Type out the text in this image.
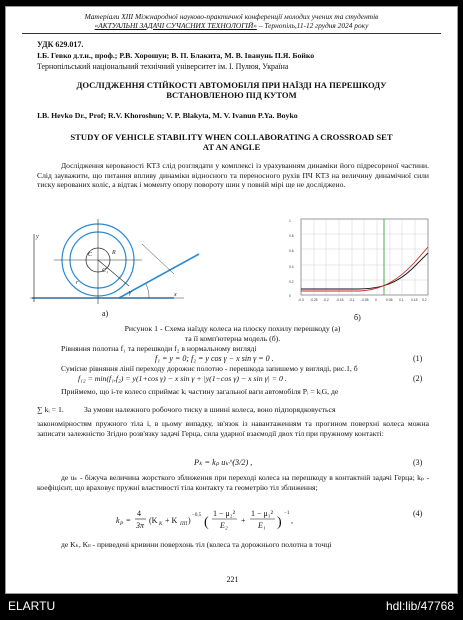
Матеріали XIII Міжнародної науково-практичної конференції молодих учених та студентів
«АКТУАЛЬНІ ЗАДАЧІ СУЧАСНИХ ТЕХНОЛОГІЙ» – Тернопіль,11-12 грудня 2024 року
УДК 629.017.
І.Б. Гевко д.т.н., проф.; Р.В. Хорошун; В. П. Блакита, М. В. Іванунь П.Я. Бойко
Тернопільський національний технічний університет ім. І. Пулюя, Україна
ДОСЛІДЖЕННЯ СТІЙКОСТІ АВТОМОБІЛЯ ПРИ НАЇЗДІ НА ПЕРЕШКОДУ
ВСТАНОВЛЕНОЮ ПІД КУТОМ
I.B. Hevko Dr., Prof; R.V. Khoroshun; V. P. Blakyta, M. V. Ivanun P.Ya. Boyko
STUDY OF VEHICLE STABILITY WHEN COLLABORATING A CROSSROAD SET
AT AN ANGLE
Дослідження керованості КТЗ слід розглядати у комплексі із урахуванням динаміки його підресореної частини. Слід зауважити, що питання впливу динаміки відносного та переносного рухів ПЧ КТЗ на величину динамічної сили тиску керованих коліс, а відтак і моменту опору повороту шин у повній мірі ще не досліджено.
y
x
C
C₁
R
γ
r
а)
1
0.8
0.6
0.4
0.2
0
-0.3 -0.25 -0.2 -0.15 -0.1 -0.05 0	0.05 0.1 0.15 0.2
б)
Рисунок 1 - Схема наїзду колеса на плоску похилу перешкоду (а)
та її комп'ютерна модель (б).
Рівняння полотна f₁ та перешкоди f₂ в нормальному вигляді
f₁ = y = 0; f₂ = y cos γ − x sin γ = 0 .	(1)
Сумісне рівняння лінії переходу дорожнє полотно - перешкода запишемо у вигляді, рис.1, б
f₁₂ = min(f₁,f₂) = y(1+cos γ) − x sin γ + |y(1−cos γ) − x sin γ| = 0 .	(2)
Приймемо, що i-те колесо сприймає kᵢ частину загальної ваги автомобіля Pᵢ = kᵢG, де
∑ kᵢ = 1.	За умови належного робочого тиску в шинні колеса, воно підпорядковується
закономірностям пружного тіла і, в цьому випадку, зв'язок із навантаженням та прогином поверхні колеса можна записати залежністю Згідно розв'язку задачі Герца, сила ударної взаємодії двох тіл при пружному контакті:
Pₖ = kₚ uₖ^(3/2) ,	(3)
де uₖ - біжуча величина жорсткого зближення при переході колеса на перешкоду в контактній задачі Герца; kₚ - коефіцієнт, що враховує пружні властивості тіла контакту та геометрію тіл зближення;
k P =
4
3π
(K K + K ΠΠ )
−0,5 (
1 − μ₂²
E₂
+
1 − μ₁²
E₁ )
−1
,
(4)
де Kₖ, Kₗₗ - приведені кривини поверхонь тіл (колеса та дорожнього полотна в точці
221
ELARTU	hdl:lib/47768
